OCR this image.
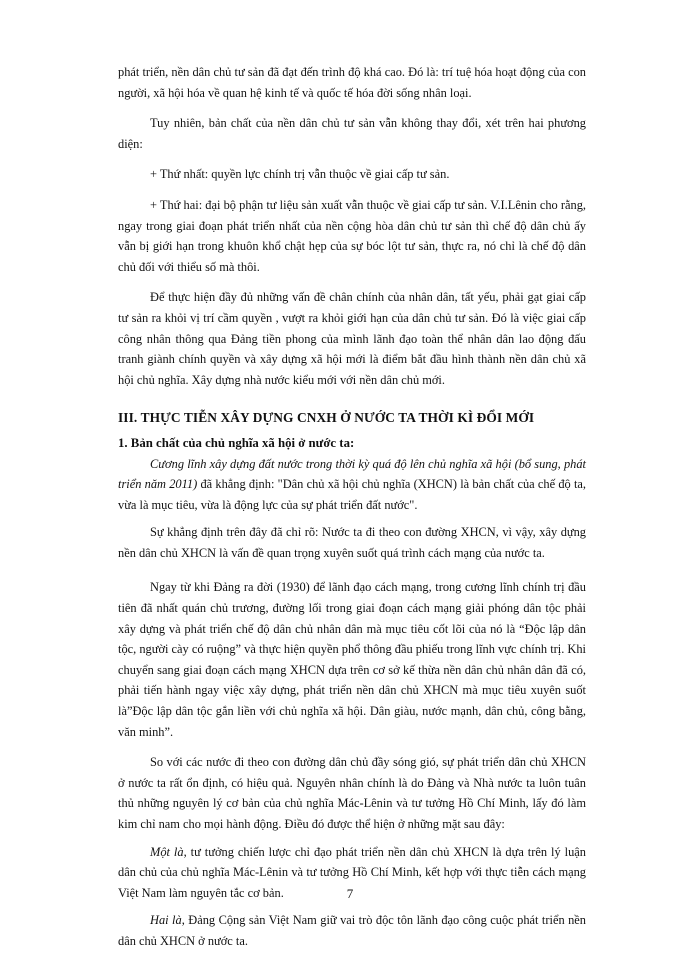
phát triển, nền dân chủ tư sản đã đạt đến trình độ khá cao. Đó là: trí tuệ hóa hoạt động của con người, xã hội hóa về quan hệ kinh tế và quốc tế hóa đời sống nhân loại.

Tuy nhiên, bản chất của nền dân chủ tư sản vẫn không thay đổi, xét trên hai phương diện:

+ Thứ nhất: quyền lực chính trị vẫn thuộc về giai cấp tư sản.

+ Thứ hai: đại bộ phận tư liệu sản xuất vẫn thuộc về giai cấp tư sản. V.I.Lênin cho rằng, ngay trong giai đoạn phát triển nhất của nền cộng hòa dân chủ tư sản thì chế độ dân chủ ấy vẫn bị giới hạn trong khuôn khổ chật hẹp của sự bóc lột tư sản, thực ra, nó chỉ là chế độ dân chủ đối với thiểu số mà thôi.

Để thực hiện đầy đủ những vấn đề chân chính của nhân dân, tất yếu, phải gạt giai cấp tư sản ra khỏi vị trí cầm quyền , vượt ra khỏi giới hạn của dân chủ tư sản. Đó là việc giai cấp công nhân thông qua Đảng tiền phong của mình lãnh đạo toàn thể nhân dân lao động đấu tranh giành chính quyền và xây dựng xã hội mới là điểm bắt đầu hình thành nền dân chủ xã hội chủ nghĩa. Xây dựng nhà nước kiểu mới với nền dân chủ mới.

III. THỰC TIỄN XÂY DỰNG CNXH Ở NƯỚC TA THỜI KÌ ĐỔI MỚI

1. Bản chất của chủ nghĩa xã hội ở nước ta:

Cương lĩnh xây dựng đất nước trong thời kỳ quá độ lên chủ nghĩa xã hội (bổ sung, phát triển năm 2011) đã khẳng định: "Dân chủ xã hội chủ nghĩa (XHCN) là bản chất của chế độ ta, vừa là mục tiêu, vừa là động lực của sự phát triển đất nước".

Sự khẳng định trên đây đã chỉ rõ: Nước ta đi theo con đường XHCN, vì vậy, xây dựng nền dân chủ XHCN là vấn đề quan trọng xuyên suốt quá trình cách mạng của nước ta.

Ngay từ khi Đảng ra đời (1930) để lãnh đạo cách mạng, trong cương lĩnh chính trị đầu tiên đã nhất quán chủ trương, đường lối trong giai đoạn cách mạng giải phóng dân tộc phải xây dựng và phát triển chế độ dân chủ nhân dân mà mục tiêu cốt lõi của nó là “Độc lập dân tộc, người cày có ruộng” và thực hiện quyền phổ thông đầu phiếu trong lĩnh vực chính trị. Khi chuyển sang giai đoạn cách mạng XHCN dựa trên cơ sở kế thừa nền dân chủ nhân dân đã có, phải tiến hành ngay việc xây dựng, phát triển nền dân chủ XHCN mà mục tiêu xuyên suốt là”Độc lập dân tộc gắn liền với chủ nghĩa xã hội. Dân giàu, nước mạnh, dân chủ, công bằng, văn minh”.

So với các nước đi theo con đường dân chủ đầy sóng gió, sự phát triển dân chủ XHCN ở nước ta rất ổn định, có hiệu quả. Nguyên nhân chính là do Đảng và Nhà nước ta luôn tuân thủ những nguyên lý cơ bản của chủ nghĩa Mác-Lênin và tư tưởng Hồ Chí Minh, lấy đó làm kim chỉ nam cho mọi hành động. Điều đó được thể hiện ở những mặt sau đây:

Một là, tư tưởng chiến lược chỉ đạo phát triển nền dân chủ XHCN là dựa trên lý luận dân chủ của chủ nghĩa Mác-Lênin và tư tưởng Hồ Chí Minh, kết hợp với thực tiễn cách mạng Việt Nam làm nguyên tắc cơ bản.

Hai là, Đảng Cộng sản Việt Nam giữ vai trò độc tôn lãnh đạo công cuộc phát triển nền dân chủ XHCN ở nước ta.

7
